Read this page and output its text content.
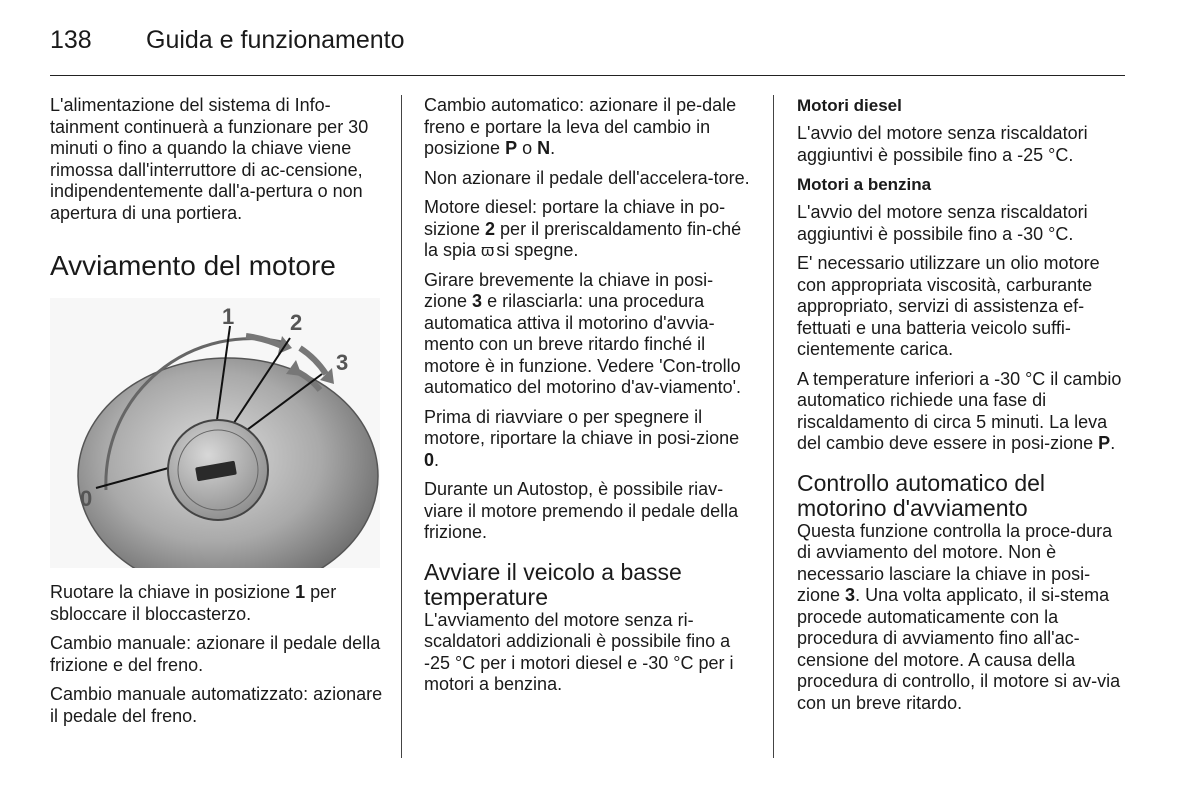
138 Guida e funzionamento

L'alimentazione del sistema di Info-tainment continuerà a funzionare per 30 minuti o fino a quando la chiave viene rimossa dall'interruttore di ac-censione, indipendentemente dall'a-pertura o non apertura di una portiera.

Avviamento del motore
0
1	2
3

Ruotare la chiave in posizione 1 per sbloccare il bloccasterzo.

Cambio manuale: azionare il pedale della frizione e del freno.

Cambio manuale automatizzato: azionare il pedale del freno.

Cambio automatico: azionare il pe-dale freno e portare la leva del cambio in posizione P o N.

Non azionare il pedale dell'accelera-tore.

Motore diesel: portare la chiave in po-sizione 2 per il preriscaldamento fin-ché la spia ϖ si spegne.

Girare brevemente la chiave in posi-zione 3 e rilasciarla: una procedura automatica attiva il motorino d'avvia-mento con un breve ritardo finché il motore è in funzione. Vedere 'Con-trollo automatico del motorino d'av-viamento'.

Prima di riavviare o per spegnere il motore, riportare la chiave in posi-zione 0.

Durante un Autostop, è possibile riav-viare il motore premendo il pedale della frizione.

Avviare il veicolo a basse temperature

L'avviamento del motore senza ri-scaldatori addizionali è possibile fino a -25 °C per i motori diesel e -30 °C per i motori a benzina.

Motori diesel

L'avvio del motore senza riscaldatori aggiuntivi è possibile fino a -25 °C.

Motori a benzina

L'avvio del motore senza riscaldatori aggiuntivi è possibile fino a -30 °C.

E' necessario utilizzare un olio motore con appropriata viscosità, carburante appropriato, servizi di assistenza ef-fettuati e una batteria veicolo suffi-cientemente carica.

A temperature inferiori a -30 °C il cambio automatico richiede una fase di riscaldamento di circa 5 minuti. La leva del cambio deve essere in posi-zione P.

Controllo automatico del motorino d'avviamento

Questa funzione controlla la proce-dura di avviamento del motore. Non è necessario lasciare la chiave in posi-zione 3. Una volta applicato, il si-stema procede automaticamente con la procedura di avviamento fino all'ac-censione del motore. A causa della procedura di controllo, il motore si av-via con un breve ritardo.
